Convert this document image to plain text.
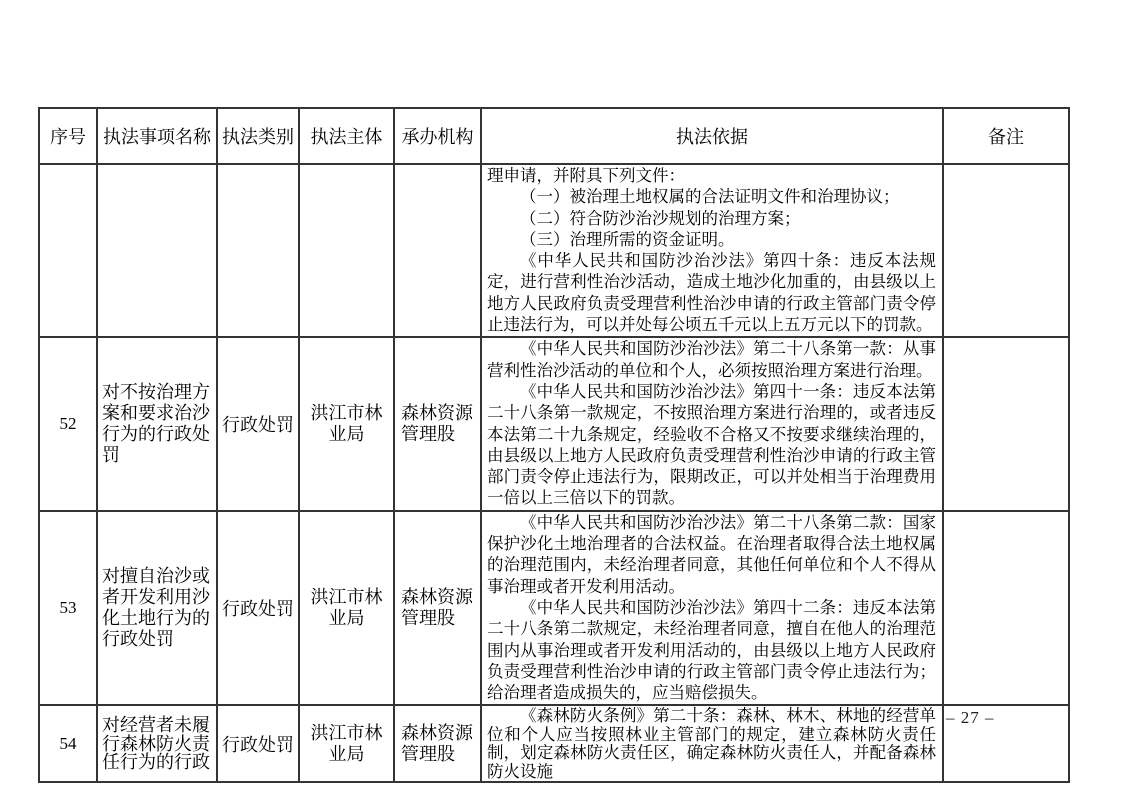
序号	执法事项名称	执法类别	执法主体	承办机构	执法依据	备注

					理申请，并附具下列文件：

（一）被治理土地权属的合法证明文件和治理协议；

（二）符合防沙治沙规划的治理方案；

（三）治理所需的资金证明。

《中华人民共和国防沙治沙法》第四十条：违反本法规定，进行营利性治沙活动，造成土地沙化加重的，由县级以上地方人民政府负责受理营利性治沙申请的行政主管部门责令停止违法行为，可以并处每公顷五千元以上五万元以下的罚款。	

52	对不按治理方案和要求治沙行为的行政处罚	行政处罚	洪江市林业局	森林资源管理股	《中华人民共和国防沙治沙法》第二十八条第一款：从事营利性治沙活动的单位和个人，必须按照治理方案进行治理。

《中华人民共和国防沙治沙法》第四十一条：违反本法第二十八条第一款规定，不按照治理方案进行治理的，或者违反本法第二十九条规定，经验收不合格又不按要求继续治理的，由县级以上地方人民政府负责受理营利性治沙申请的行政主管部门责令停止违法行为，限期改正，可以并处相当于治理费用一倍以上三倍以下的罚款。	

53	对擅自治沙或者开发利用沙化土地行为的行政处罚	行政处罚	洪江市林业局	森林资源管理股	《中华人民共和国防沙治沙法》第二十八条第二款：国家保护沙化土地治理者的合法权益。在治理者取得合法土地权属的治理范围内，未经治理者同意，其他任何单位和个人不得从事治理或者开发利用活动。

《中华人民共和国防沙治沙法》第四十二条：违反本法第二十八条第二款规定，未经治理者同意，擅自在他人的治理范围内从事治理或者开发利用活动的，由县级以上地方人民政府负责受理营利性治沙申请的行政主管部门责令停止违法行为；给治理者造成损失的，应当赔偿损失。	

54	对经营者未履行森林防火责任行为的行政	行政处罚	洪江市林业局	森林资源管理股	《森林防火条例》第二十条：森林、林木、林地的经营单位和个人应当按照林业主管部门的规定，建立森林防火责任制，划定森林防火责任区，确定森林防火责任人，并配备森林防火设施	

– 27 –
